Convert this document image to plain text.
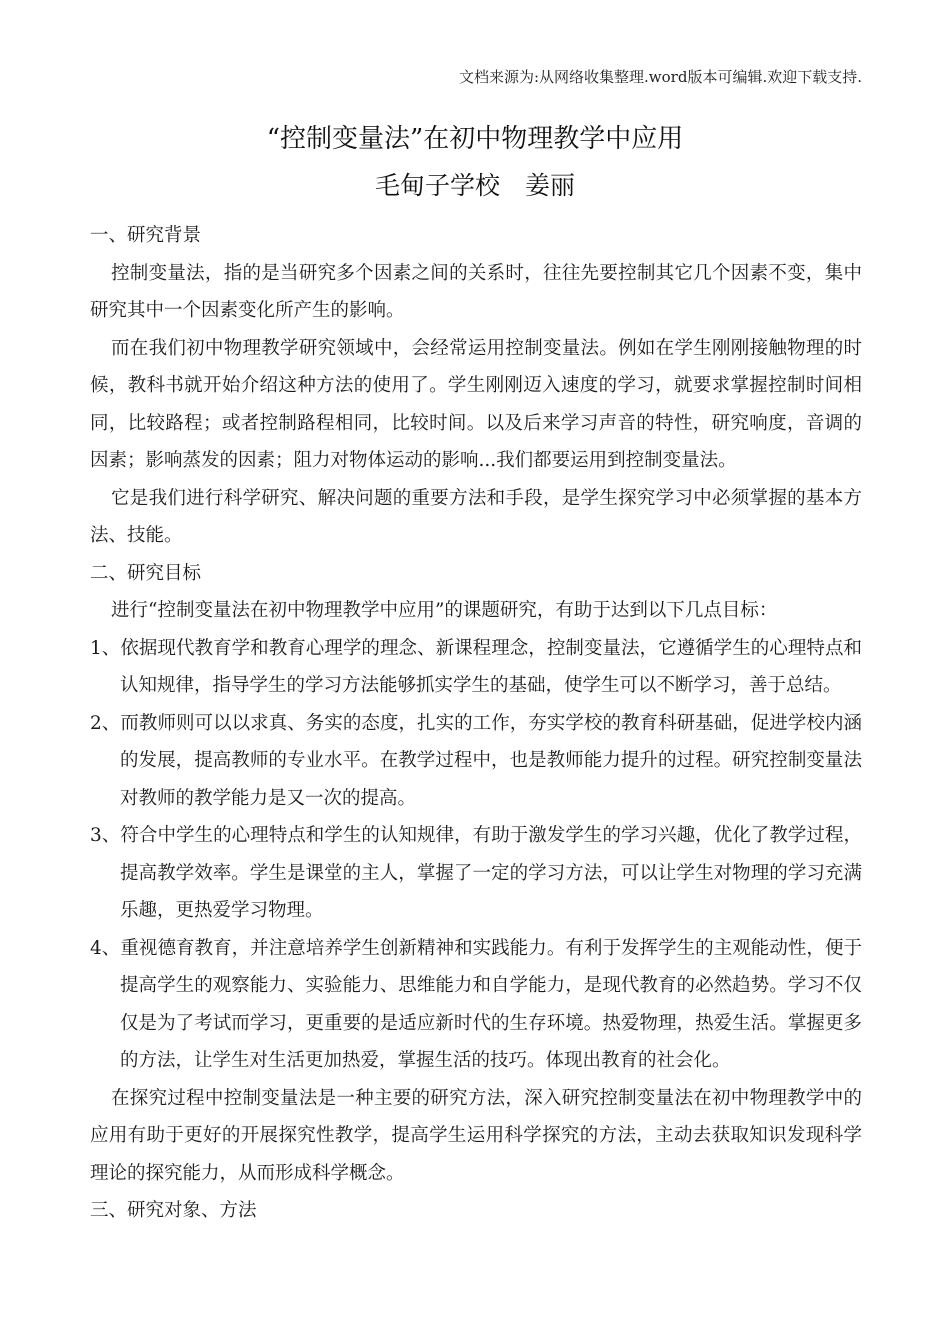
文档来源为:从网络收集整理.word版本可编辑.欢迎下载支持.
“控制变量法”在初中物理教学中应用
毛甸子学校　姜丽

一、研究背景

控制变量法，指的是当研究多个因素之间的关系时，往往先要控制其它几个因素不变，集中研究其中一个因素变化所产生的影响。

而在我们初中物理教学研究领域中，会经常运用控制变量法。例如在学生刚刚接触物理的时候，教科书就开始介绍这种方法的使用了。学生刚刚迈入速度的学习，就要求掌握控制时间相同，比较路程；或者控制路程相同，比较时间。以及后来学习声音的特性，研究响度，音调的因素；影响蒸发的因素；阻力对物体运动的影响...我们都要运用到控制变量法。

它是我们进行科学研究、解决问题的重要方法和手段，是学生探究学习中必须掌握的基本方法、技能。

二、研究目标

进行“控制变量法在初中物理教学中应用”的课题研究，有助于达到以下几点目标：

1、依据现代教育学和教育心理学的理念、新课程理念，控制变量法，它遵循学生的心理特点和认知规律，指导学生的学习方法能够抓实学生的基础，使学生可以不断学习，善于总结。

2、而教师则可以以求真、务实的态度，扎实的工作，夯实学校的教育科研基础，促进学校内涵的发展，提高教师的专业水平。在教学过程中，也是教师能力提升的过程。研究控制变量法对教师的教学能力是又一次的提高。

3、符合中学生的心理特点和学生的认知规律，有助于激发学生的学习兴趣，优化了教学过程，提高教学效率。学生是课堂的主人，掌握了一定的学习方法，可以让学生对物理的学习充满乐趣，更热爱学习物理。

4、重视德育教育，并注意培养学生创新精神和实践能力。有利于发挥学生的主观能动性，便于提高学生的观察能力、实验能力、思维能力和自学能力，是现代教育的必然趋势。学习不仅仅是为了考试而学习，更重要的是适应新时代的生存环境。热爱物理，热爱生活。掌握更多的方法，让学生对生活更加热爱，掌握生活的技巧。体现出教育的社会化。

在探究过程中控制变量法是一种主要的研究方法，深入研究控制变量法在初中物理教学中的应用有助于更好的开展探究性教学，提高学生运用科学探究的方法，主动去获取知识发现科学理论的探究能力，从而形成科学概念。

三、研究对象、方法
